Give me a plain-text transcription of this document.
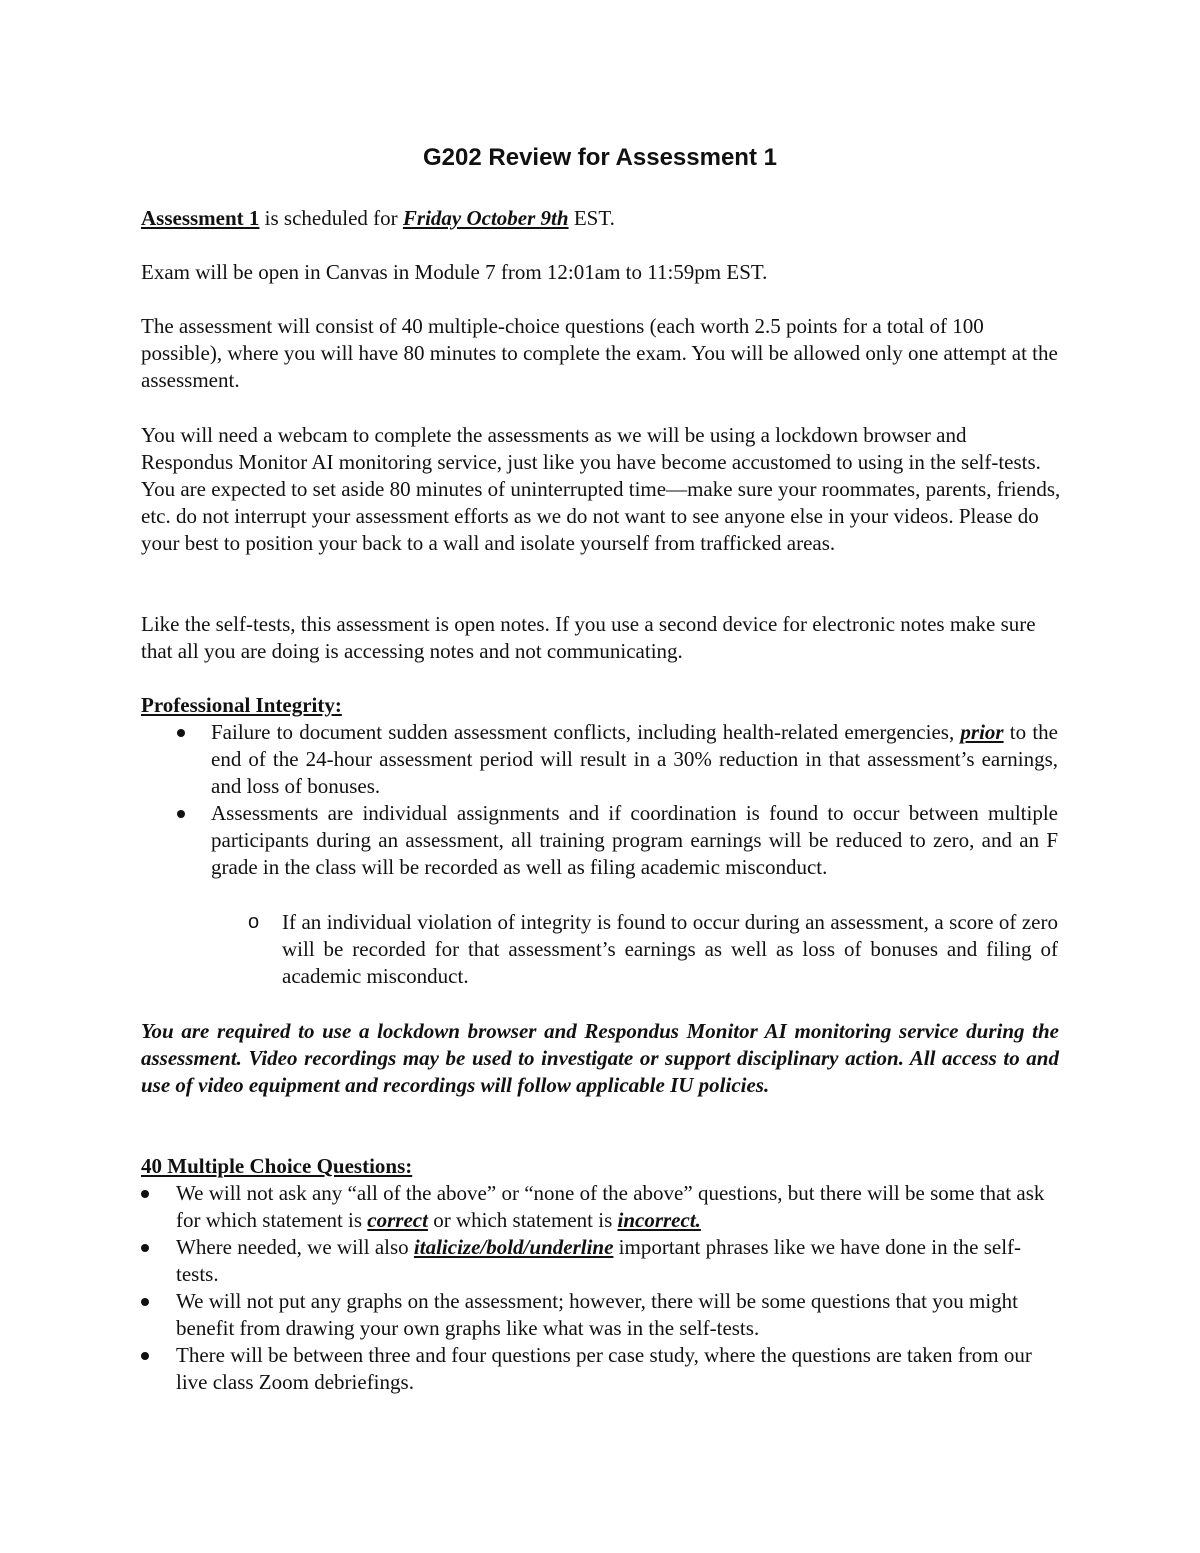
G202 Review for Assessment 1

Assessment 1 is scheduled for Friday October 9th EST.

Exam will be open in Canvas in Module 7 from 12:01am to 11:59pm EST.

The assessment will consist of 40 multiple-choice questions (each worth 2.5 points for a total of 100 possible), where you will have 80 minutes to complete the exam. You will be allowed only one attempt at the assessment.

You will need a webcam to complete the assessments as we will be using a lockdown browser and Respondus Monitor AI monitoring service, just like you have become accustomed to using in the self-tests. You are expected to set aside 80 minutes of uninterrupted time—make sure your roommates, parents, friends, etc. do not interrupt your assessment efforts as we do not want to see anyone else in your videos. Please do your best to position your back to a wall and isolate yourself from trafficked areas.

Like the self-tests, this assessment is open notes. If you use a second device for electronic notes make sure that all you are doing is accessing notes and not communicating.

Professional Integrity:

Failure to document sudden assessment conflicts, including health-related emergencies, prior to the end of the 24-hour assessment period will result in a 30% reduction in that assessment’s earnings, and loss of bonuses.

Assessments are individual assignments and if coordination is found to occur between multiple participants during an assessment, all training program earnings will be reduced to zero, and an F grade in the class will be recorded as well as filing academic misconduct.

o If an individual violation of integrity is found to occur during an assessment, a score of zero will be recorded for that assessment’s earnings as well as loss of bonuses and filing of academic misconduct.

You are required to use a lockdown browser and Respondus Monitor AI monitoring service during the assessment. Video recordings may be used to investigate or support disciplinary action. All access to and use of video equipment and recordings will follow applicable IU policies.

40 Multiple Choice Questions:

We will not ask any “all of the above” or “none of the above” questions, but there will be some that ask for which statement is correct or which statement is incorrect.

Where needed, we will also italicize/bold/underline important phrases like we have done in the self-tests.

We will not put any graphs on the assessment; however, there will be some questions that you might benefit from drawing your own graphs like what was in the self-tests.

There will be between three and four questions per case study, where the questions are taken from our live class Zoom debriefings.
